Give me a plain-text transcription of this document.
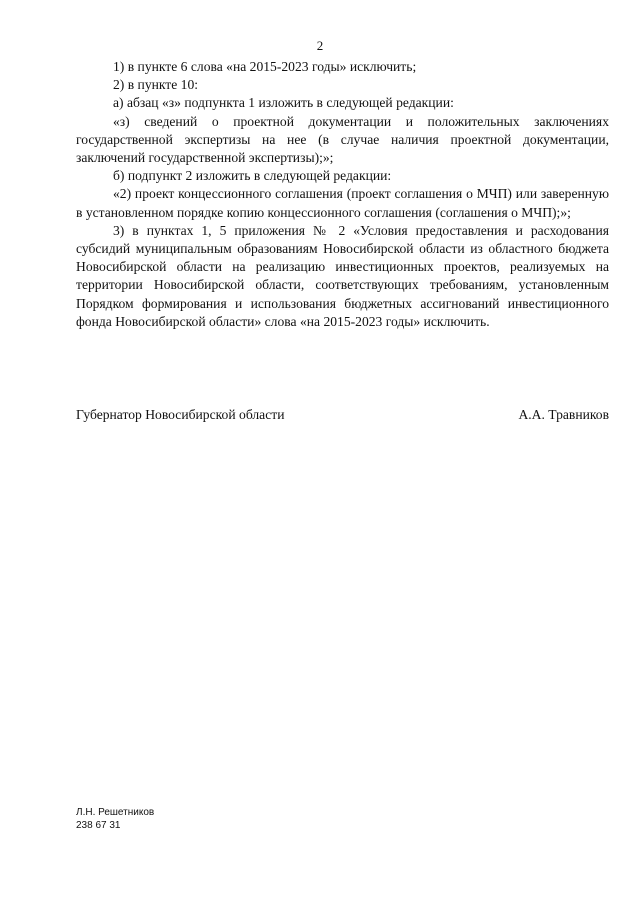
2

1) в пункте 6 слова «на 2015-2023 годы» исключить;

2) в пункте 10:

а) абзац «з» подпункта 1 изложить в следующей редакции:

«з) сведений о проектной документации и положительных заключениях государственной экспертизы на нее (в случае наличия проектной документации, заключений государственной экспертизы);»;

б) подпункт 2 изложить в следующей редакции:

«2) проект концессионного соглашения (проект соглашения о МЧП) или заверенную в установленном порядке копию концессионного соглашения (соглашения о МЧП);»;

3) в пунктах 1, 5 приложения № 2 «Условия предоставления и расходования субсидий муниципальным образованиям Новосибирской области из областного бюджета Новосибирской области на реализацию инвестиционных проектов, реализуемых на территории Новосибирской области, соответствующих требованиям, установленным Порядком формирования и использования бюджетных ассигнований инвестиционного фонда Новосибирской области» слова «на 2015-2023 годы» исключить.

Губернатор Новосибирской области	А.А. Травников
Л.Н. Решетников
238 67 31
